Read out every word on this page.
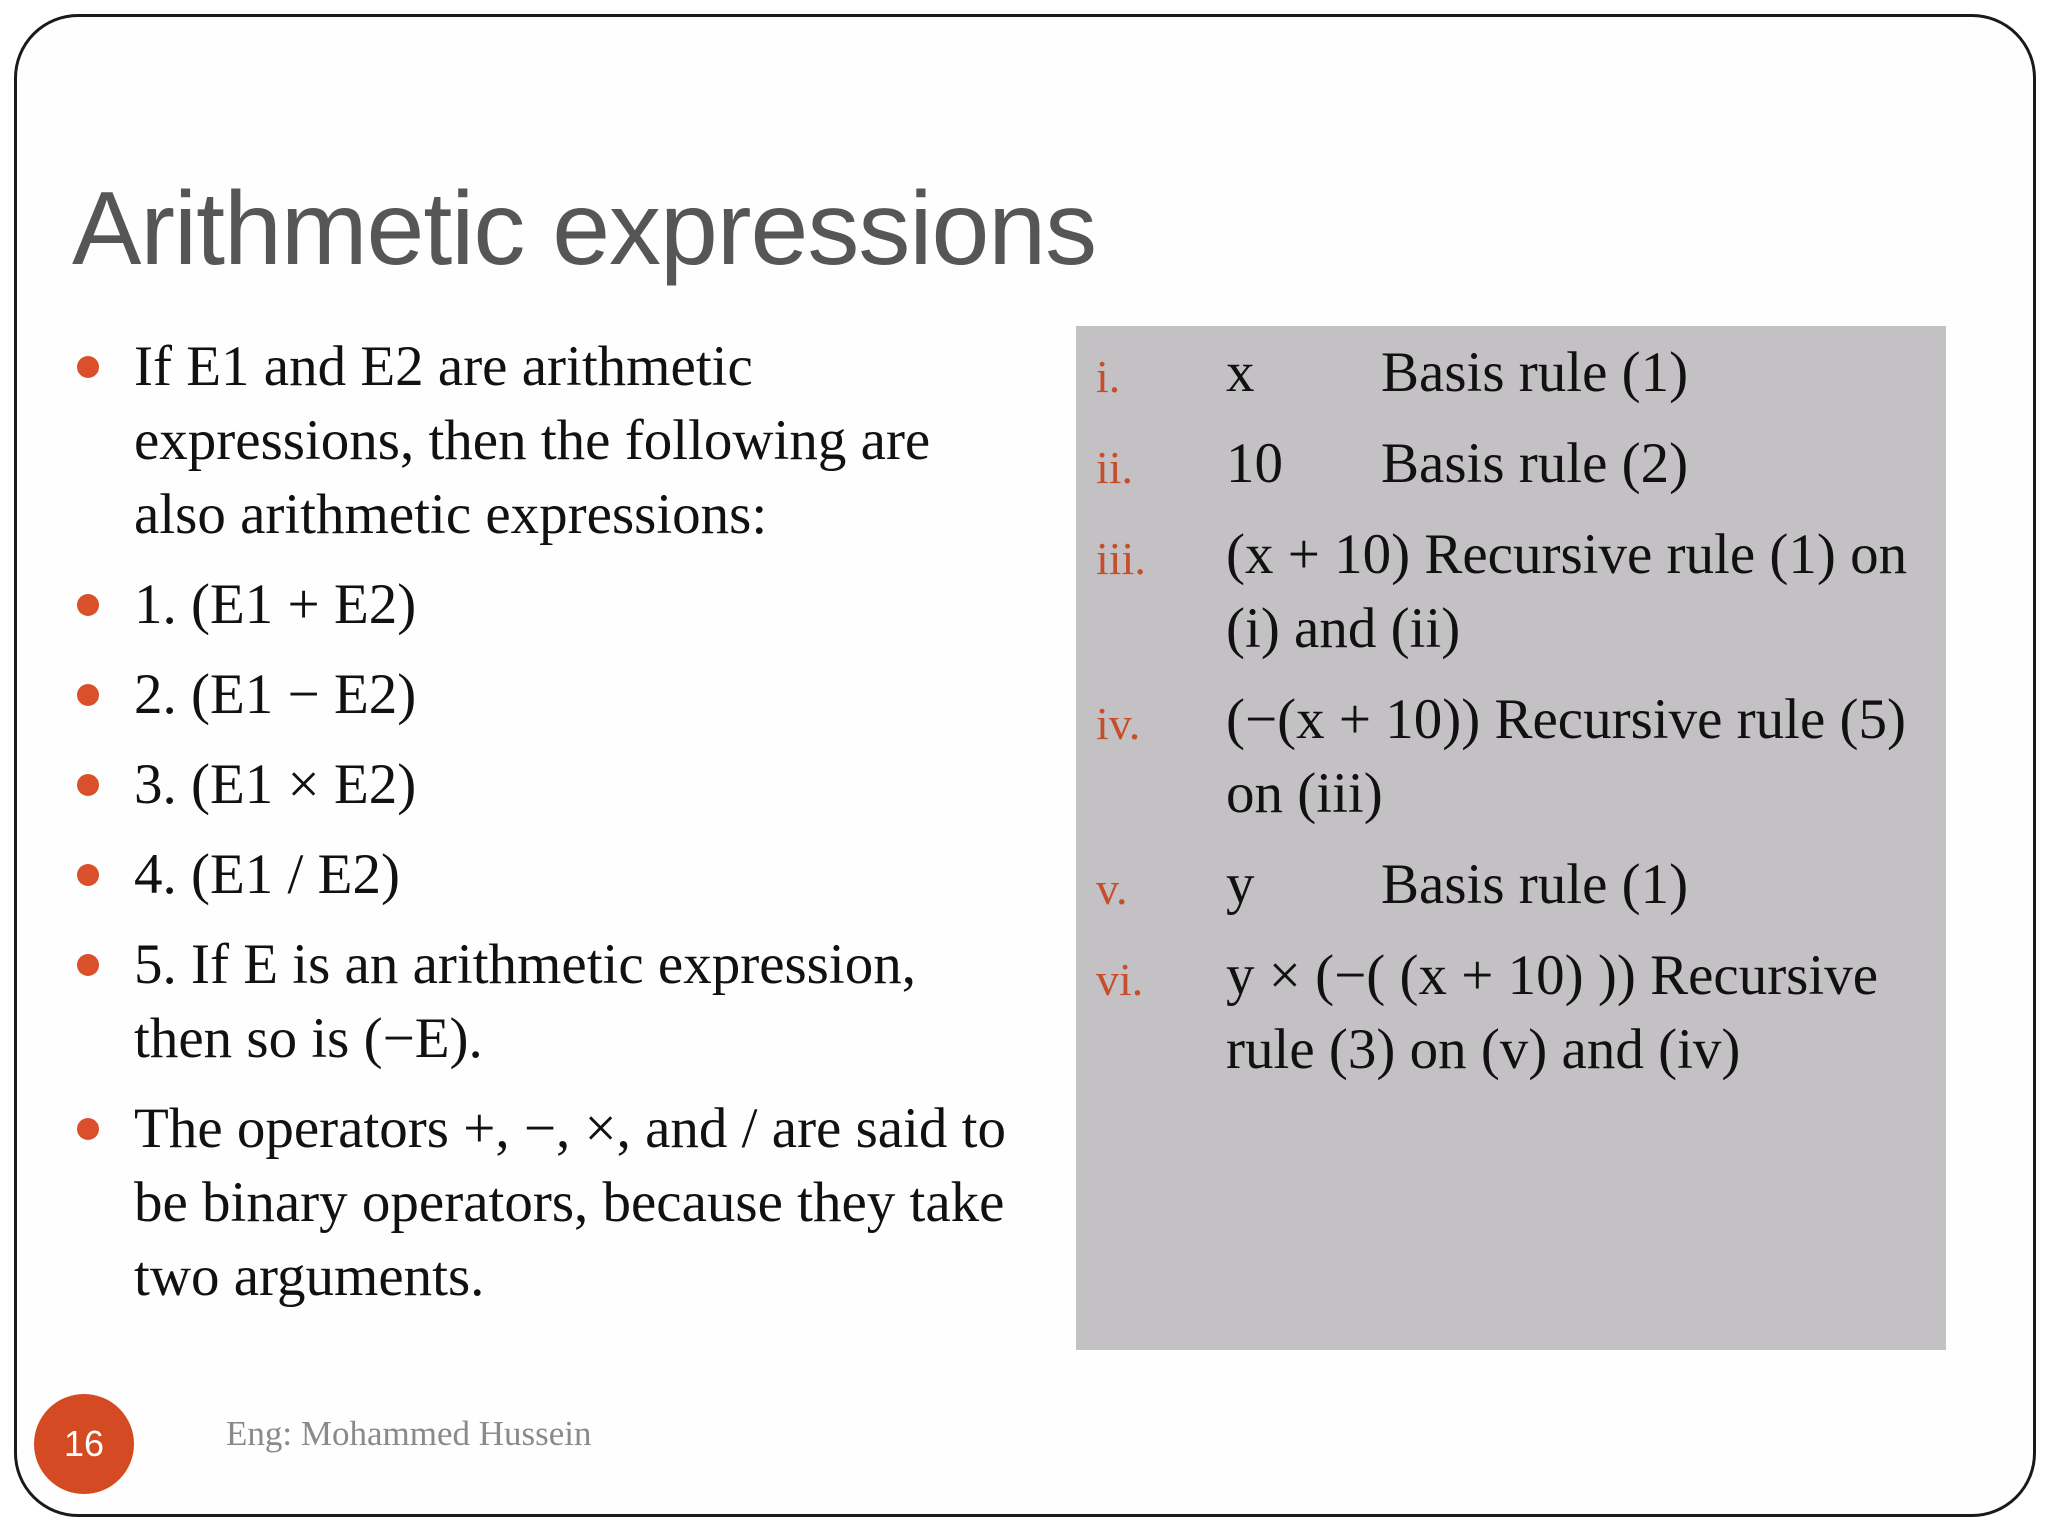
Arithmetic expressions
If E1 and E2 are arithmetic expressions, then the following are also arithmetic expressions:
1. (E1 + E2)
2. (E1 − E2)
3. (E1 × E2)
4. (E1 / E2)
5. If E is an arithmetic expression, then so is (−E).
The operators +, −, ×, and / are said to be binary operators, because they take two arguments.
i. x Basis rule (1)
ii. 10 Basis rule (2)
iii. (x + 10) Recursive rule (1) on (i) and (ii)
iv. (−(x + 10)) Recursive rule (5) on (iii)
v. y Basis rule (1)
vi. y × (−( (x + 10) )) Recursive rule (3) on (v) and (iv)
16	Eng: Mohammed Hussein
